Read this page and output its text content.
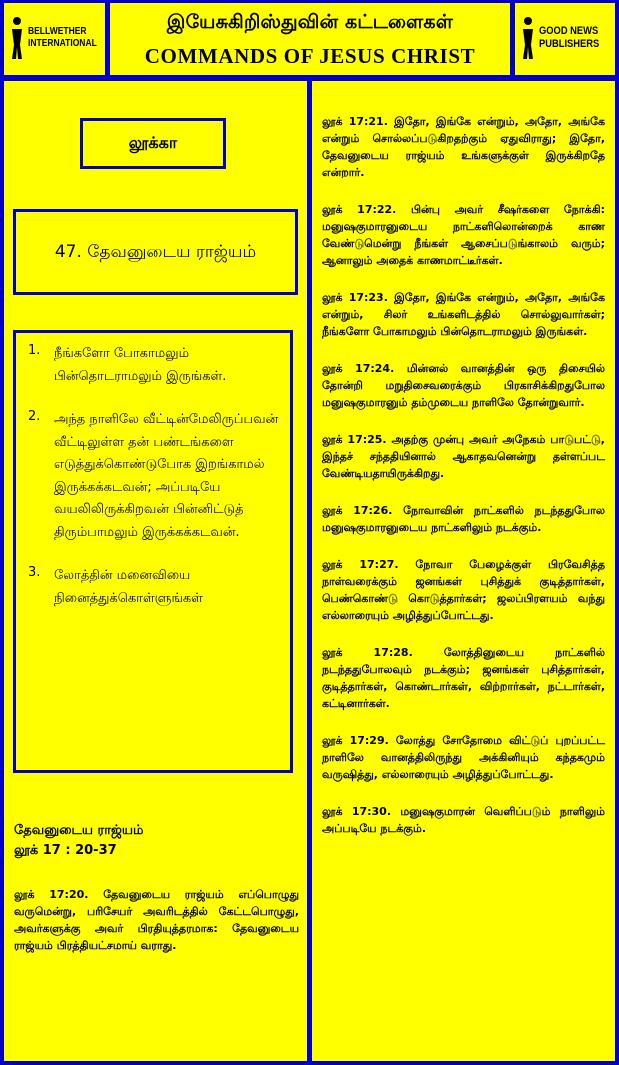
BELLWETHER
INTERNATIONAL
இயேசுகிறிஸ்துவின் கட்டளைகள்
COMMANDS OF JESUS CHRIST
GOOD NEWS
PUBLISHERS
லூக்கா
47. தேவனுடைய ராஜ்யம்
1.	நீங்களோ போகாமலும் பின்தொடராமலும் இருங்கள்.
2.	அந்த நாளிலே வீட்டின்மேலிருப்பவன் வீட்டிலுள்ள தன் பண்டங்களை எடுத்துக்கொண்டுபோக இறங்காமல் இருக்கக்கடவன்; அப்படியே வயலிலிருக்கிறவன் பின்னிட்டுத் திரும்பாமலும் இருக்கக்கடவன்.
3.	லோத்தின் மனைவியை நினைத்துக்கொள்ளுங்கள்
தேவனுடைய ராஜ்யம்
லூக் 17 : 20-37
லூக் 17:20. தேவனுடைய ராஜ்யம் எப்பொழுது வருமென்று, பரிசேயர் அவரிடத்தில் கேட்டபொழுது, அவர்களுக்கு அவர் பிரதியுத்தரமாக: தேவனுடைய ராஜ்யம் பிரத்தியட்சமாய் வராது.
லூக் 17:21. இதோ, இங்கே என்றும், அதோ, அங்கே என்றும் சொல்லப்படுகிறதற்கும் ஏதுவிராது; இதோ, தேவனுடைய ராஜ்யம் உங்களுக்குள் இருக்கிறதே என்றார்.
லூக் 17:22. பின்பு அவர் சீஷர்களை நோக்கி: மனுஷகுமாரனுடைய நாட்களிலொன்றைக் காண வேண்டுமென்று நீங்கள் ஆசைப்படுங்காலம் வரும்; ஆனாலும் அதைக் காணமாட்டீர்கள்.
லூக் 17:23. இதோ, இங்கே என்றும், அதோ, அங்கே என்றும், சிலர் உங்களிடத்தில் சொல்லுவார்கள்; நீங்களோ போகாமலும் பின்தொடராமலும் இருங்கள்.
லூக் 17:24. மின்னல் வானத்தின் ஒரு திசையில் தோன்றி மறுதிசைவரைக்கும் பிரகாசிக்கிறதுபோல மனுஷகுமாரனும் தம்முடைய நாளிலே தோன்றுவார்.
லூக் 17:25. அதற்கு முன்பு அவர் அநேகம் பாடுபட்டு, இந்தச் சந்ததியினால் ஆகாதவனென்று தள்ளப்பட வேண்டியதாயிருக்கிறது.
லூக் 17:26. நோவாவின் நாட்களில் நடந்ததுபோல மனுஷகுமாரனுடைய நாட்களிலும் நடக்கும்.
லூக் 17:27. நோவா பேழைக்குள் பிரவேசித்த நாள்வரைக்கும் ஜனங்கள் புசித்துக் குடித்தார்கள், பெண்கொண்டு கொடுத்தார்கள்; ஜலப்பிரளயம் வந்து எல்லாரையும் அழித்துப்போட்டது.
லூக் 17:28. லோத்தினுடைய நாட்களில் நடந்ததுபோலவும் நடக்கும்; ஜனங்கள் புசித்தார்கள், குடித்தார்கள், கொண்டார்கள், விற்றார்கள், நட்டார்கள், கட்டினார்கள்.
லூக் 17:29. லோத்து சோதோமை விட்டுப் புறப்பட்ட நாளிலே வானத்திலிருந்து அக்கினியும் கந்தகமும் வருஷித்து, எல்லாரையும் அழித்துப்போட்டது.
லூக் 17:30. மனுஷகுமாரன் வெளிப்படும் நாளிலும் அப்படியே நடக்கும்.
